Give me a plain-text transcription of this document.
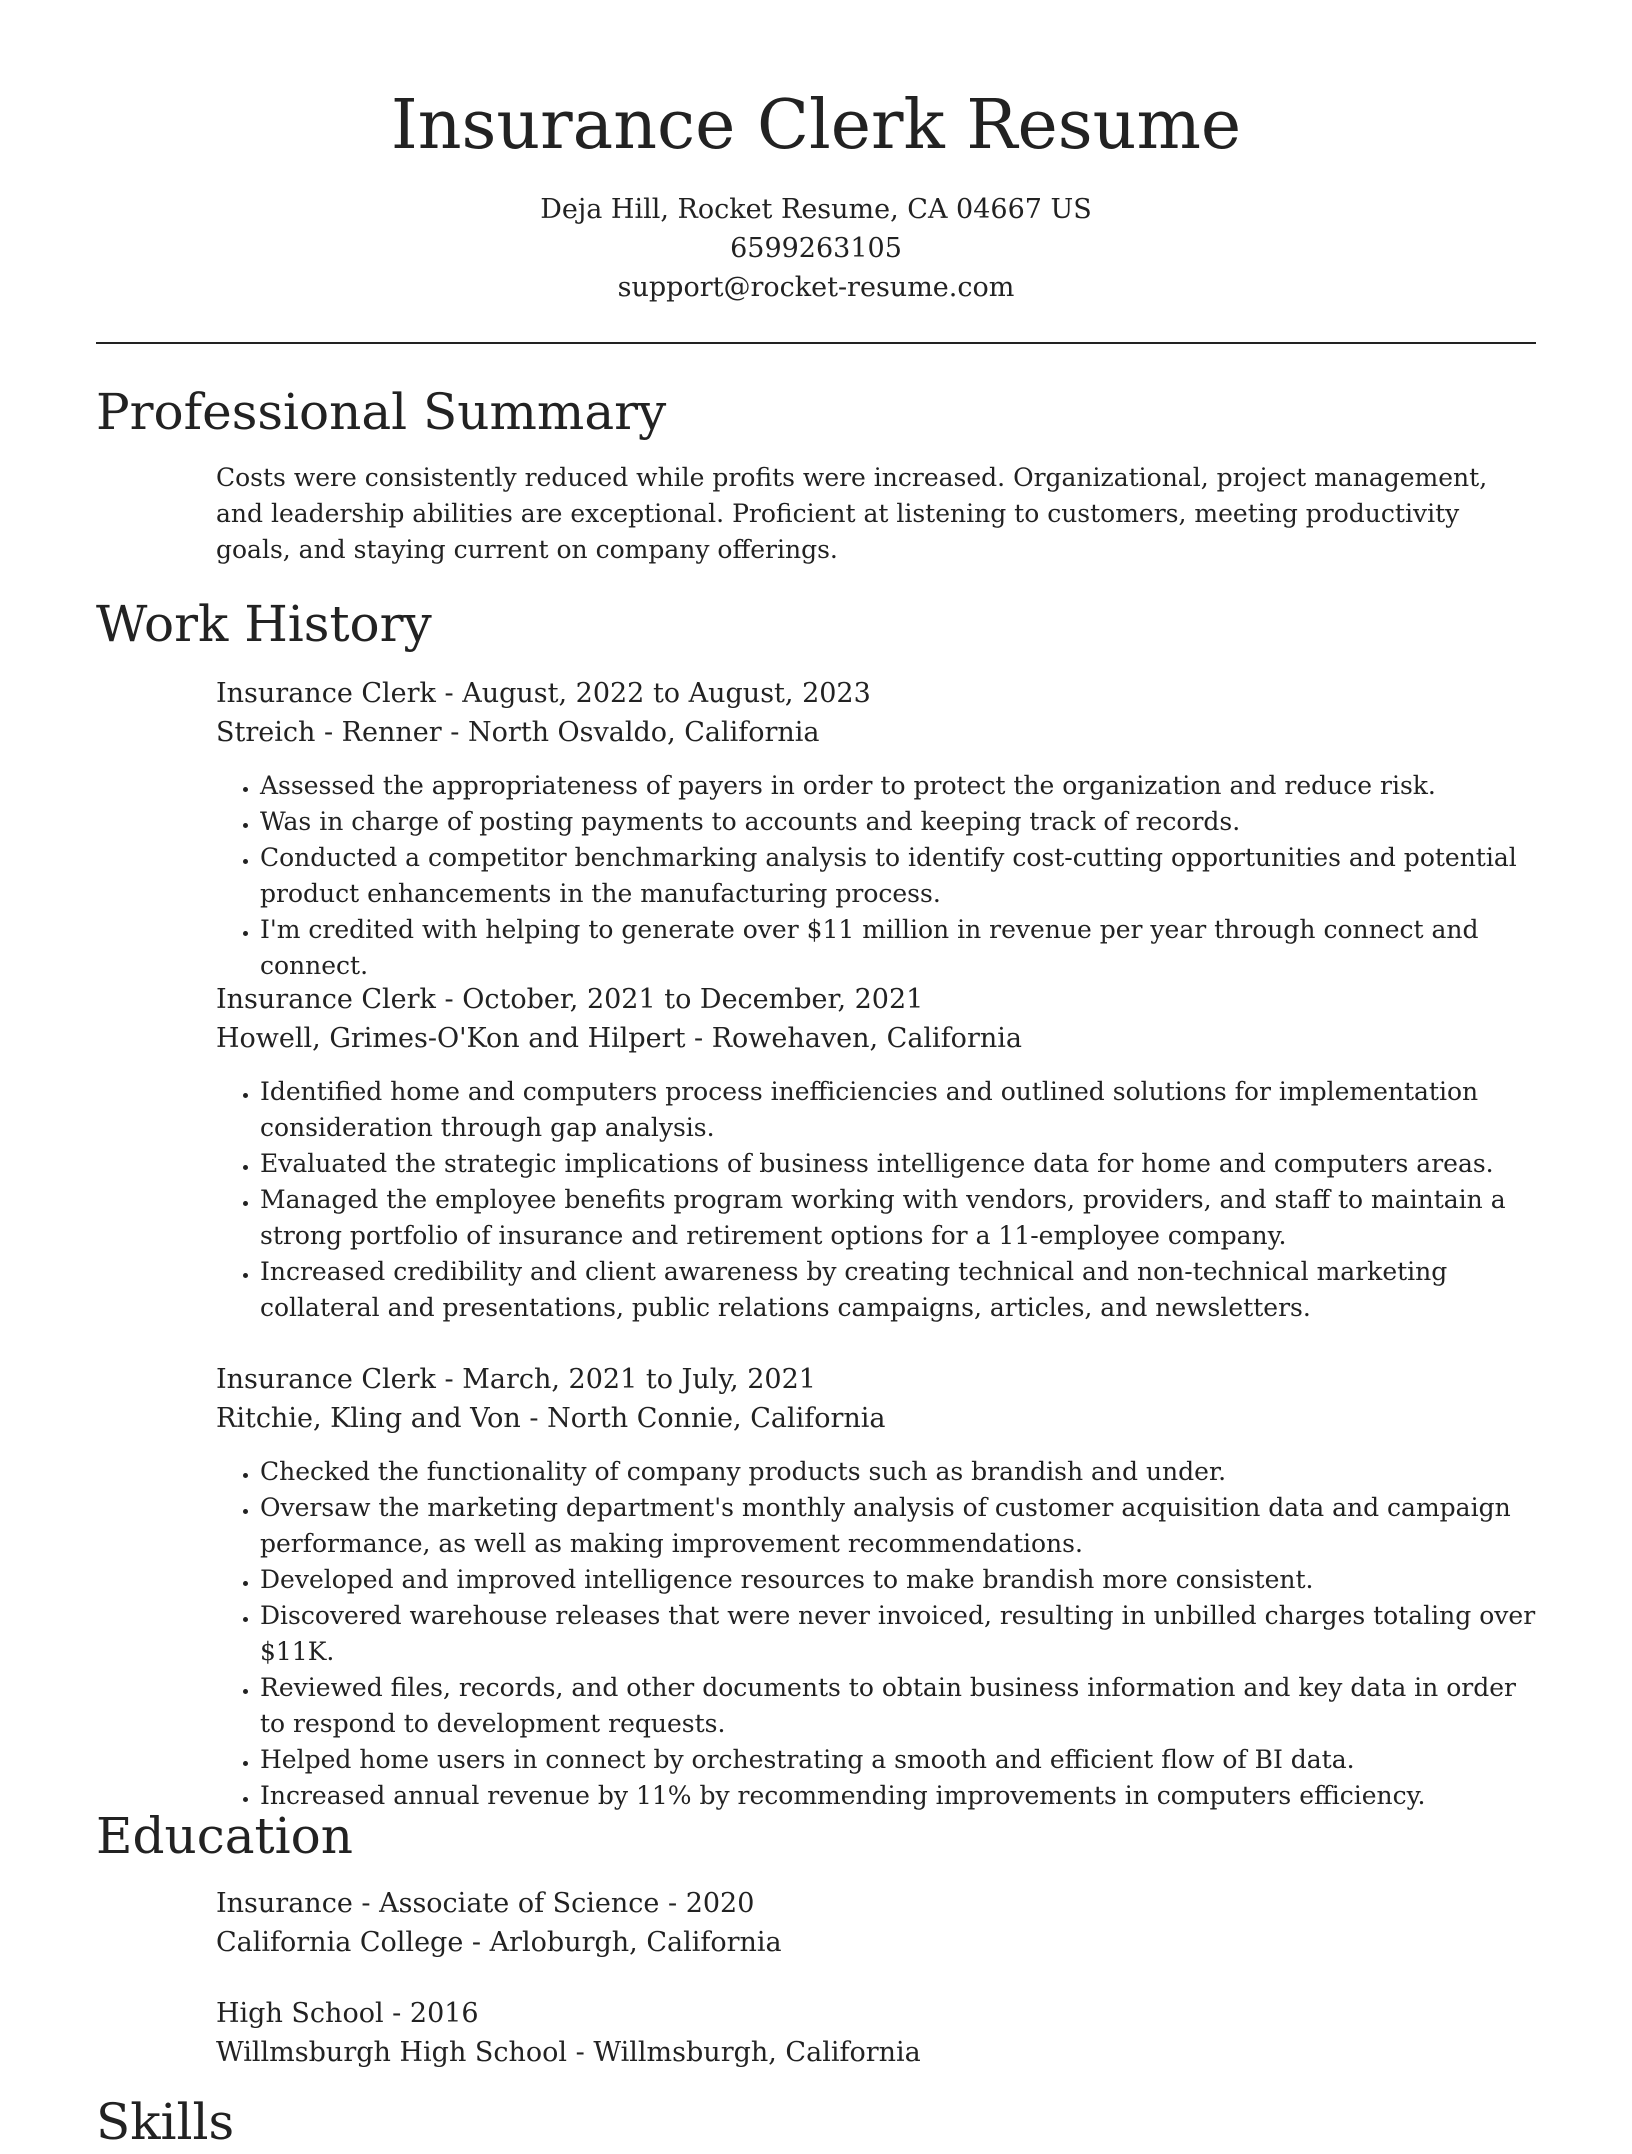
Insurance Clerk Resume
Deja Hill, Rocket Resume, CA 04667 US
6599263105
support@rocket-resume.com
Professional Summary
Costs were consistently reduced while profits were increased. Organizational, project management, and leadership abilities are exceptional. Proficient at listening to customers, meeting productivity goals, and staying current on company offerings.
Work History
Insurance Clerk - August, 2022 to August, 2023
Streich - Renner - North Osvaldo, California
• Assessed the appropriateness of payers in order to protect the organization and reduce risk.
• Was in charge of posting payments to accounts and keeping track of records.
• Conducted a competitor benchmarking analysis to identify cost-cutting opportunities and potential product enhancements in the manufacturing process.
• I'm credited with helping to generate over $11 million in revenue per year through connect and connect.
Insurance Clerk - October, 2021 to December, 2021
Howell, Grimes-O'Kon and Hilpert - Rowehaven, California
• Identified home and computers process inefficiencies and outlined solutions for implementation consideration through gap analysis.
• Evaluated the strategic implications of business intelligence data for home and computers areas.
• Managed the employee benefits program working with vendors, providers, and staff to maintain a strong portfolio of insurance and retirement options for a 11-employee company.
• Increased credibility and client awareness by creating technical and non-technical marketing collateral and presentations, public relations campaigns, articles, and newsletters.
Insurance Clerk - March, 2021 to July, 2021
Ritchie, Kling and Von - North Connie, California
• Checked the functionality of company products such as brandish and under.
• Oversaw the marketing department's monthly analysis of customer acquisition data and campaign performance, as well as making improvement recommendations.
• Developed and improved intelligence resources to make brandish more consistent.
• Discovered warehouse releases that were never invoiced, resulting in unbilled charges totaling over $11K.
• Reviewed files, records, and other documents to obtain business information and key data in order to respond to development requests.
• Helped home users in connect by orchestrating a smooth and efficient flow of BI data.
• Increased annual revenue by 11% by recommending improvements in computers efficiency.
Education
Insurance - Associate of Science - 2020
California College - Arloburgh, California
High School - 2016
Willmsburgh High School - Willmsburgh, California
Skills
